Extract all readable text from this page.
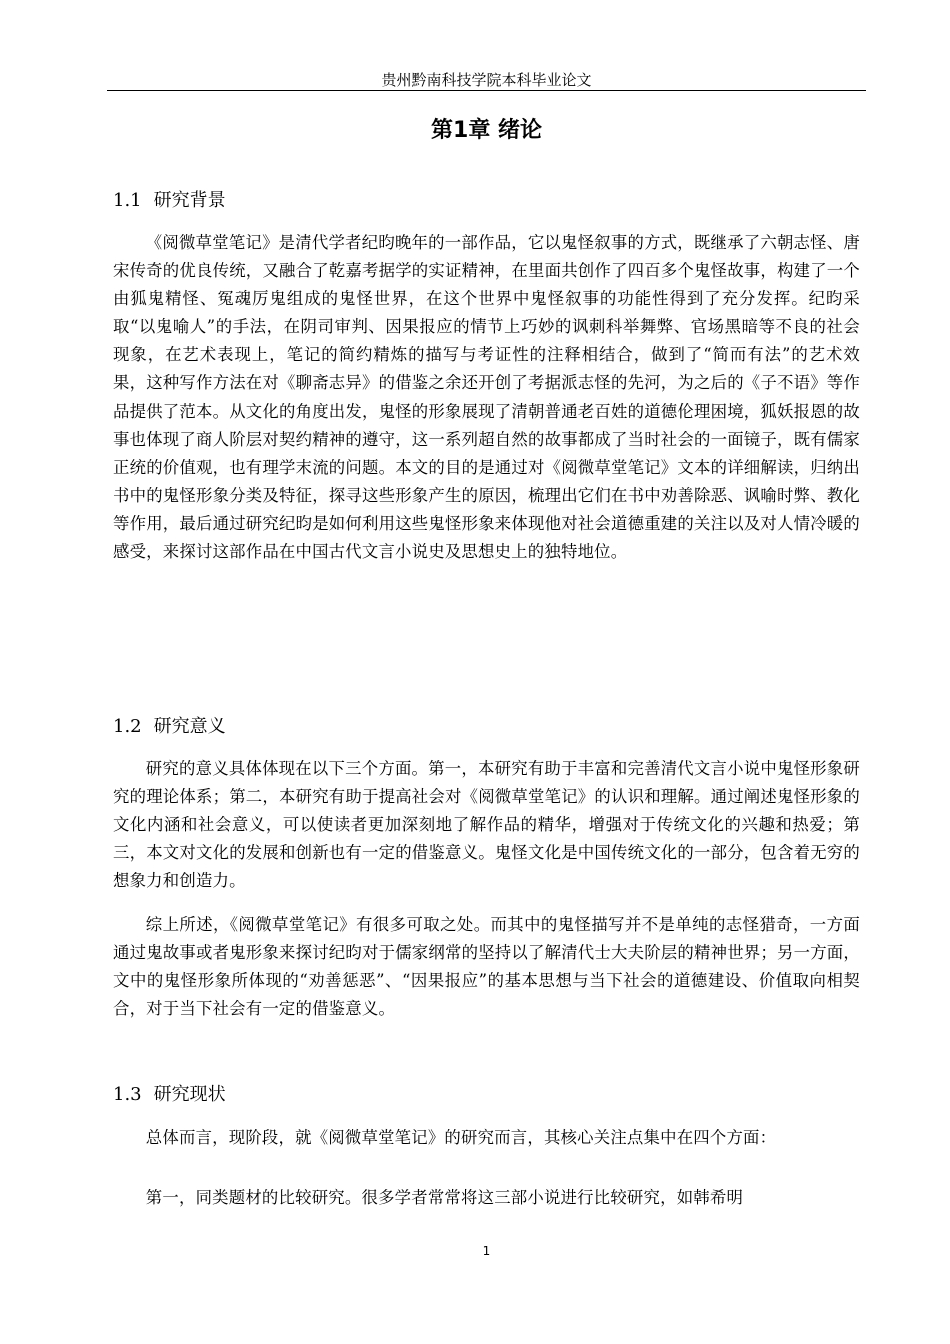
贵州黔南科技学院本科毕业论文
第1章 绪论
1.1 研究背景

《阅微草堂笔记》是清代学者纪昀晚年的一部作品，它以鬼怪叙事的方式，既继承了六朝志怪、唐宋传奇的优良传统，又融合了乾嘉考据学的实证精神，在里面共创作了四百多个鬼怪故事，构建了一个由狐鬼精怪、冤魂厉鬼组成的鬼怪世界，在这个世界中鬼怪叙事的功能性得到了充分发挥。纪昀采取“以鬼喻人”的手法，在阴司审判、因果报应的情节上巧妙的讽刺科举舞弊、官场黑暗等不良的社会现象，在艺术表现上，笔记的简约精炼的描写与考证性的注释相结合，做到了“简而有法”的艺术效果，这种写作方法在对《聊斋志异》的借鉴之余还开创了考据派志怪的先河，为之后的《子不语》等作品提供了范本。从文化的角度出发，鬼怪的形象展现了清朝普通老百姓的道德伦理困境，狐妖报恩的故事也体现了商人阶层对契约精神的遵守，这一系列超自然的故事都成了当时社会的一面镜子，既有儒家正统的价值观，也有理学末流的问题。本文的目的是通过对《阅微草堂笔记》文本的详细解读，归纳出书中的鬼怪形象分类及特征，探寻这些形象产生的原因，梳理出它们在书中劝善除恶、讽喻时弊、教化等作用，最后通过研究纪昀是如何利用这些鬼怪形象来体现他对社会道德重建的关注以及对人情冷暖的感受，来探讨这部作品在中国古代文言小说史及思想史上的独特地位。

1.2 研究意义

研究的意义具体体现在以下三个方面。第一，本研究有助于丰富和完善清代文言小说中鬼怪形象研究的理论体系；第二，本研究有助于提高社会对《阅微草堂笔记》的认识和理解。通过阐述鬼怪形象的文化内涵和社会意义，可以使读者更加深刻地了解作品的精华，增强对于传统文化的兴趣和热爱；第三，本文对文化的发展和创新也有一定的借鉴意义。鬼怪文化是中国传统文化的一部分，包含着无穷的想象力和创造力。

综上所述，《阅微草堂笔记》有很多可取之处。而其中的鬼怪描写并不是单纯的志怪猎奇，一方面通过鬼故事或者鬼形象来探讨纪昀对于儒家纲常的坚持以了解清代士大夫阶层的精神世界；另一方面，文中的鬼怪形象所体现的“劝善惩恶”、“因果报应”的基本思想与当下社会的道德建设、价值取向相契合，对于当下社会有一定的借鉴意义。

1.3 研究现状

总体而言，现阶段，就《阅微草堂笔记》的研究而言，其核心关注点集中在四个方面：

第一，同类题材的比较研究。很多学者常常将这三部小说进行比较研究，如韩希明

1
